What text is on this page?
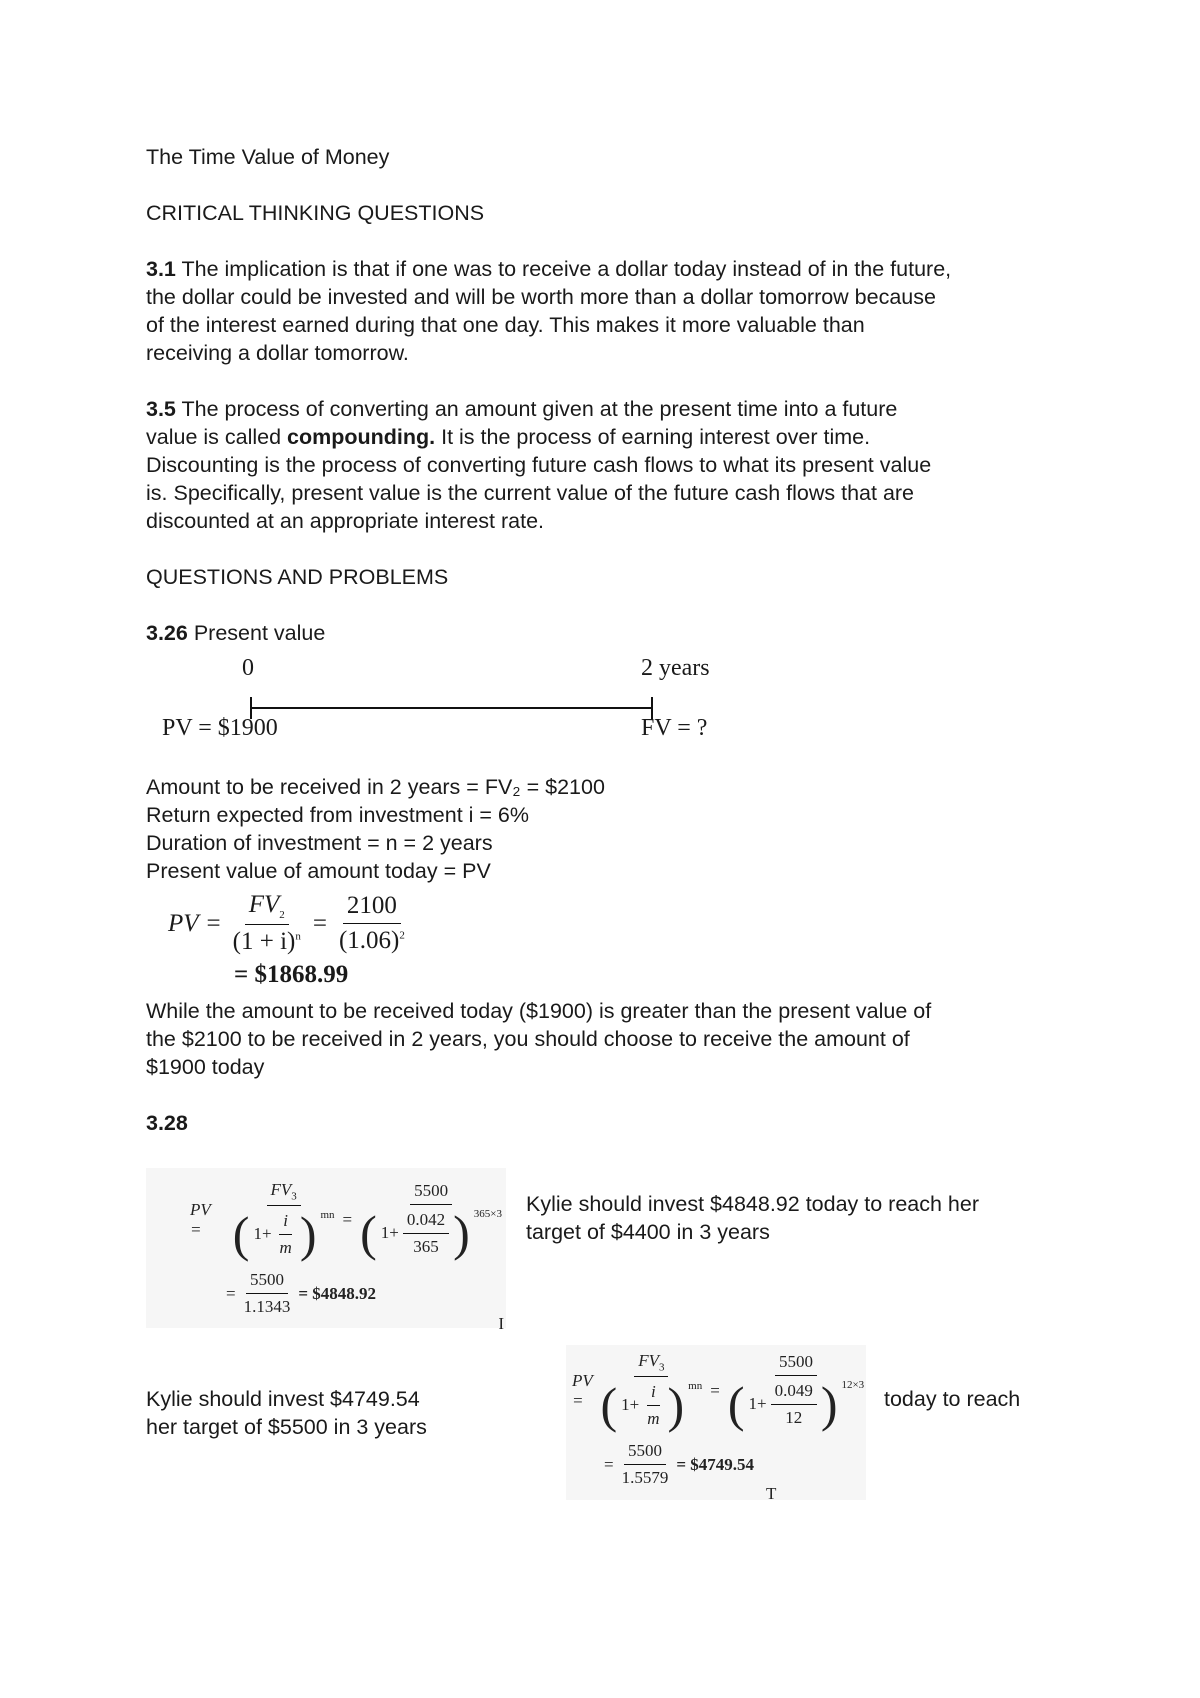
The Time Value of Money

CRITICAL THINKING QUESTIONS

3.1 The implication is that if one was to receive a dollar today instead of in the future,

the dollar could be invested and will be worth more than a dollar tomorrow because

of the interest earned during that one day. This makes it more valuable than

receiving a dollar tomorrow.

3.5 The process of converting an amount given at the present time into a future

value is called compounding. It is the process of earning interest over time.

Discounting is the process of converting future cash flows to what its present value

is. Specifically, present value is the current value of the future cash flows that are

discounted at an appropriate interest rate.

QUESTIONS AND PROBLEMS

3.26 Present value

0	2 years
PV = $1900	FV = ?

Amount to be received in 2 years = FV₂ = $2100

Return expected from investment i = 6%

Duration of investment = n = 2 years

Present value of amount today = PV

PV = $\frac{FV_2}{(1 + i)^n} = \frac{2100}{(1.06)^2}$
= $1868.99

While the amount to be received today ($1900) is greater than the present value of

the $2100 to be received in 2 years, you should choose to receive the amount of

$1900 today

3.28

PV =	$\frac{FV_3}{( 1+ \frac{i}{m} ) ^{mn}} = \frac{5500}{( 1+ \frac{0.042}{365} ) ^{365\times 3}}$
= $\frac{5500}{1.1343}$ = $4848.92
I

Kylie should invest $4848.92 today to reach her

target of $4400 in 3 years

PV = $\frac{FV_3}{( 1+ \frac{i}{m} ) ^{mn}} = \frac{5500}{( 1+ \frac{0.049}{12} ) ^{12\times 3}}$
= $\frac{5500}{1.5579}$ = $4749.54
T

Kylie should invest $4749.54

her target of $5500 in 3 years

today to reach
